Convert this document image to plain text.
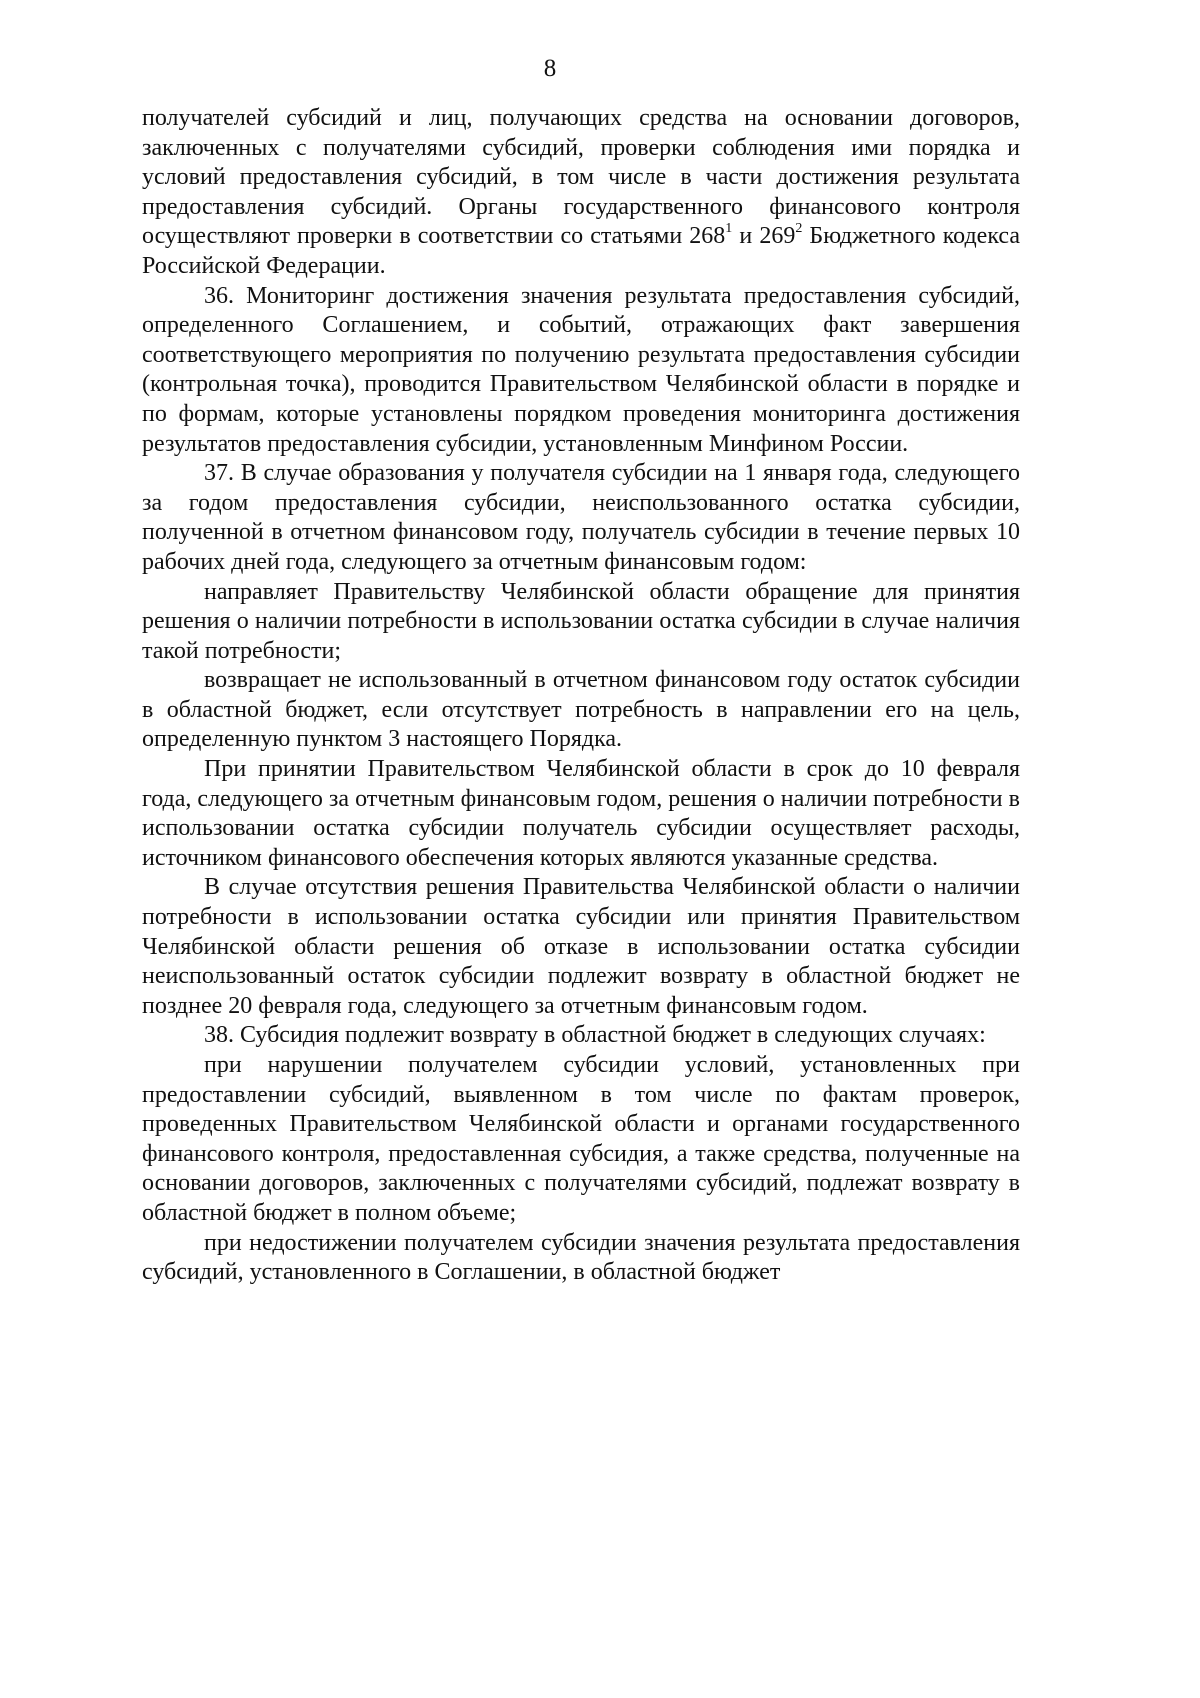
8

получателей субсидий и лиц, получающих средства на основании договоров, заключенных с получателями субсидий, проверки соблюдения ими порядка и условий предоставления субсидий, в том числе в части достижения результата предоставления субсидий. Органы государственного финансового контроля осуществляют проверки в соответствии со статьями $268^1$ и $269^2$ Бюджетного кодекса Российской Федерации.

36. Мониторинг достижения значения результата предоставления субсидий, определенного Соглашением, и событий, отражающих факт завершения соответствующего мероприятия по получению результата предоставления субсидии (контрольная точка), проводится Правительством Челябинской области в порядке и по формам, которые установлены порядком проведения мониторинга достижения результатов предоставления субсидии, установленным Минфином России.

37. В случае образования у получателя субсидии на 1 января года, следующего за годом предоставления субсидии, неиспользованного остатка субсидии, полученной в отчетном финансовом году, получатель субсидии в течение первых 10 рабочих дней года, следующего за отчетным финансовым годом:

направляет Правительству Челябинской области обращение для принятия решения о наличии потребности в использовании остатка субсидии в случае наличия такой потребности;

возвращает не использованный в отчетном финансовом году остаток субсидии в областной бюджет, если отсутствует потребность в направлении его на цель, определенную пунктом 3 настоящего Порядка.

При принятии Правительством Челябинской области в срок до 10 февраля года, следующего за отчетным финансовым годом, решения о наличии потребности в использовании остатка субсидии получатель субсидии осуществляет расходы, источником финансового обеспечения которых являются указанные средства.

В случае отсутствия решения Правительства Челябинской области о наличии потребности в использовании остатка субсидии или принятия Правительством Челябинской области решения об отказе в использовании остатка субсидии неиспользованный остаток субсидии подлежит возврату в областной бюджет не позднее 20 февраля года, следующего за отчетным финансовым годом.

38. Субсидия подлежит возврату в областной бюджет в следующих случаях:

при нарушении получателем субсидии условий, установленных при предоставлении субсидий, выявленном в том числе по фактам проверок, проведенных Правительством Челябинской области и органами государственного финансового контроля, предоставленная субсидия, а также средства, полученные на основании договоров, заключенных с получателями субсидий, подлежат возврату в областной бюджет в полном объеме;

при недостижении получателем субсидии значения результата предоставления субсидий, установленного в Соглашении, в областной бюджет
